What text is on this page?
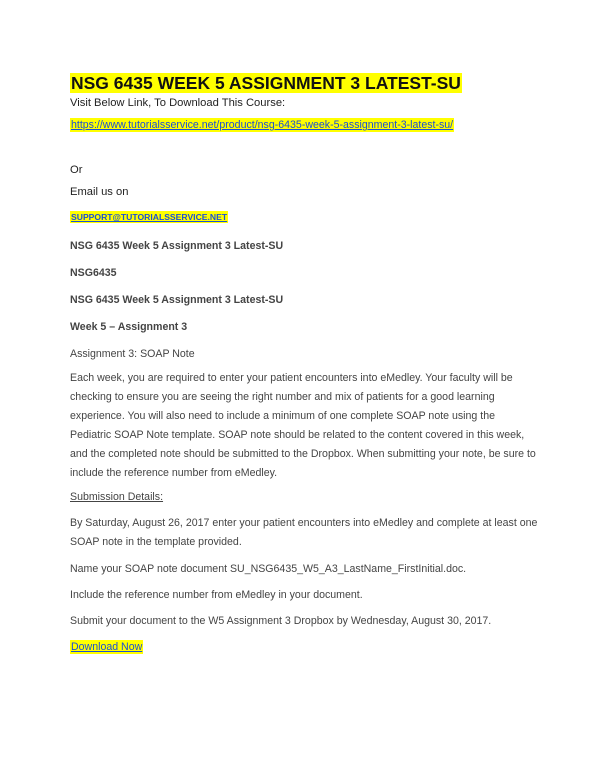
NSG 6435 WEEK 5 ASSIGNMENT 3 LATEST-SU

Visit Below Link, To Download This Course:

https://www.tutorialsservice.net/product/nsg-6435-week-5-assignment-3-latest-su/

Or

Email us on

SUPPORT@TUTORIALSSERVICE.NET

NSG 6435 Week 5 Assignment 3 Latest-SU

NSG6435

NSG 6435 Week 5 Assignment 3 Latest-SU

Week 5 – Assignment 3

Assignment 3: SOAP Note

Each week, you are required to enter your patient encounters into eMedley. Your faculty will be checking to ensure you are seeing the right number and mix of patients for a good learning experience. You will also need to include a minimum of one complete SOAP note using the Pediatric SOAP Note template. SOAP note should be related to the content covered in this week, and the completed note should be submitted to the Dropbox. When submitting your note, be sure to include the reference number from eMedley.

Submission Details:

By Saturday, August 26, 2017 enter your patient encounters into eMedley and complete at least one SOAP note in the template provided.

Name your SOAP note document SU_NSG6435_W5_A3_LastName_FirstInitial.doc.

Include the reference number from eMedley in your document.

Submit your document to the W5 Assignment 3 Dropbox by Wednesday, August 30, 2017.

Download Now
